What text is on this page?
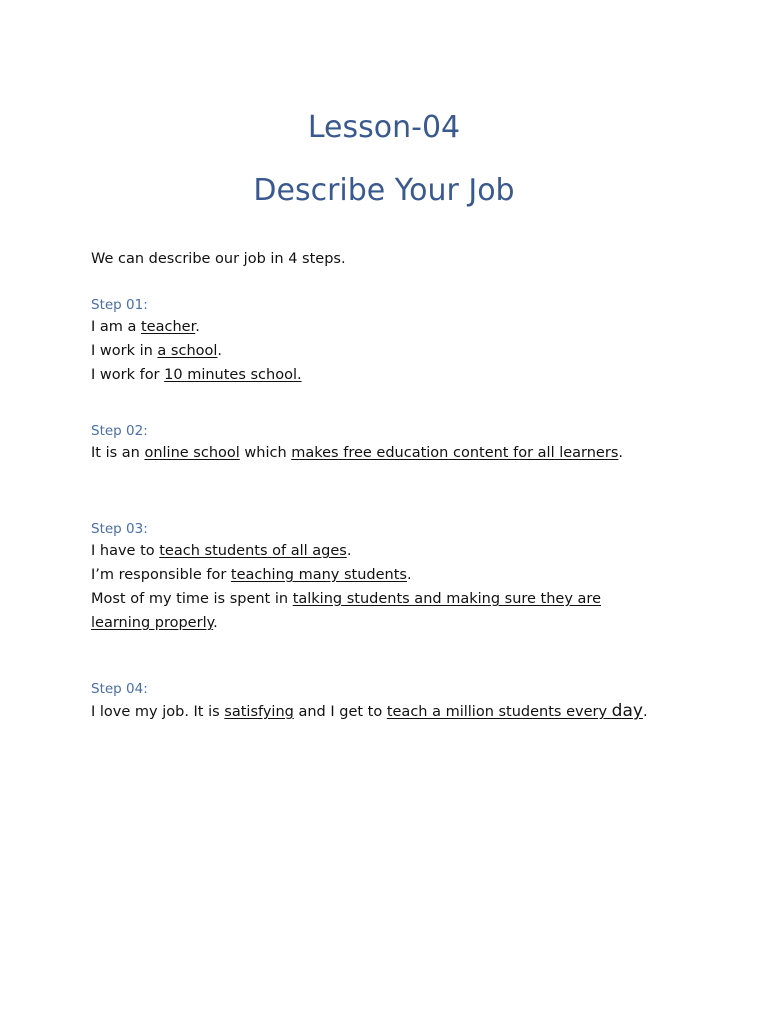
Lesson-04
Describe Your Job

We can describe our job in 4 steps.

Step 01:

I am a teacher.

I work in a school.

I work for 10 minutes school.

Step 02:

It is an online school which makes free education content for all learners.

Step 03:

I have to teach students of all ages.

I’m responsible for teaching many students.

Most of my time is spent in talking students and making sure they are learning properly.

Step 04:

I love my job. It is satisfying and I get to teach a million students every day.
